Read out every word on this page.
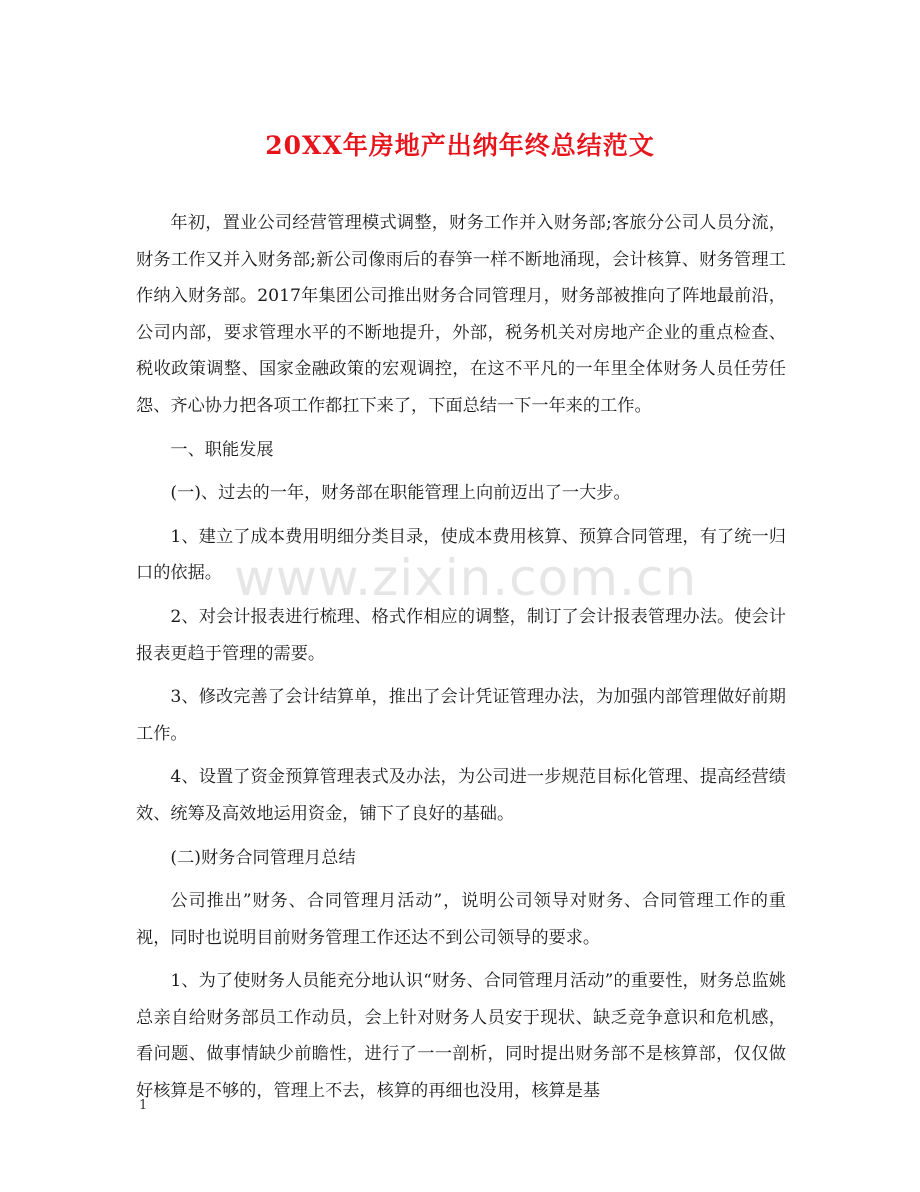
20XX年房地产出纳年终总结范文

年初，置业公司经营管理模式调整，财务工作并入财务部;客旅分公司人员分流，财务工作又并入财务部;新公司像雨后的春笋一样不断地涌现，会计核算、财务管理工作纳入财务部。2017年集团公司推出财务合同管理月，财务部被推向了阵地最前沿，公司内部，要求管理水平的不断地提升，外部，税务机关对房地产企业的重点检查、税收政策调整、国家金融政策的宏观调控，在这不平凡的一年里全体财务人员任劳任怨、齐心协力把各项工作都扛下来了，下面总结一下一年来的工作。

一、职能发展

(一)、过去的一年，财务部在职能管理上向前迈出了一大步。

1、建立了成本费用明细分类目录，使成本费用核算、预算合同管理，有了统一归口的依据。

2、对会计报表进行梳理、格式作相应的调整，制订了会计报表管理办法。使会计报表更趋于管理的需要。

3、修改完善了会计结算单，推出了会计凭证管理办法，为加强内部管理做好前期工作。

4、设置了资金预算管理表式及办法，为公司进一步规范目标化管理、提高经营绩效、统筹及高效地运用资金，铺下了良好的基础。

(二)财务合同管理月总结

公司推出”财务、合同管理月活动”，说明公司领导对财务、合同管理工作的重视，同时也说明目前财务管理工作还达不到公司领导的要求。

1、为了使财务人员能充分地认识“财务、合同管理月活动”的重要性，财务总监姚总亲自给财务部员工作动员，会上针对财务人员安于现状、缺乏竞争意识和危机感，看问题、做事情缺少前瞻性，进行了一一剖析，同时提出财务部不是核算部，仅仅做好核算是不够的，管理上不去，核算的再细也没用，核算是基

www.zixin.com.cn
1
